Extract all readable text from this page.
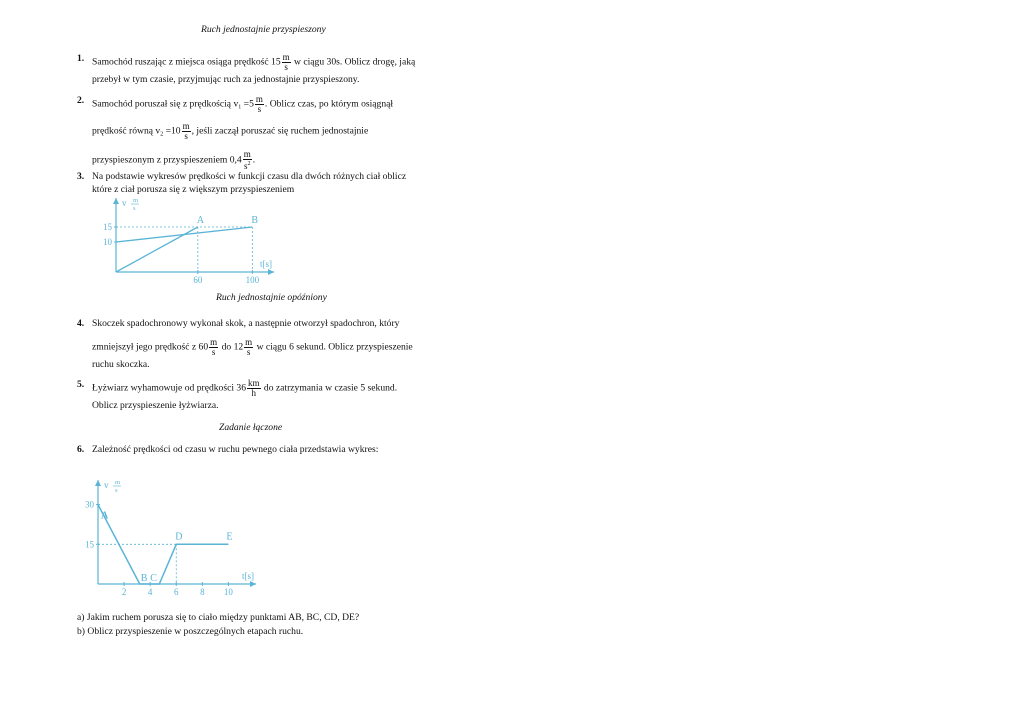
Ruch jednostajnie przyspieszony
1. Samochód ruszając z miejsca osiąga prędkość $15 \frac{m}{s}$ w ciągu 30s. Oblicz drogę, jaką
przebył w tym czasie, przyjmując ruch za jednostajnie przyspieszony.
2. Samochód poruszał się z prędkością $v_1 =5 \frac{m}{s}$ . Oblicz czas, po którym osiągnął
prędkość równą $v_2 =10 \frac{m}{s}$ , jeśli zaczął poruszać się ruchem jednostajnie
przyspieszonym z przyspieszeniem $0,4 \frac{m}{s^2}$ .
3. Na podstawie wykresów prędkości w funkcji czasu dla dwóch różnych ciał oblicz
które z ciał porusza się z większym przyspieszeniem
v m
s
t[s]
60	100
15
10
A	B
Ruch jednostajnie opóźniony
4. Skoczek spadochronowy wykonał skok, a następnie otworzył spadochron, który
zmniejszył jego prędkość z $60 \frac{m}{s}$ do $12 \frac{m}{s}$ w ciągu 6 sekund. Oblicz przyspieszenie
ruchu skoczka.
5. Łyżwiarz wyhamowuje od prędkości $36 \frac{km}{h}$ do zatrzymania w czasie 5 sekund.
Oblicz przyspieszenie łyżwiarza.
Zadanie łączone
6. Zależność prędkości od czasu w ruchu pewnego ciała przedstawia wykres:
v m
s
t[s]
2 4 6 8 10
30
15
A
B C
D	E
a) Jakim ruchem porusza się to ciało między punktami AB, BC, CD, DE?
b) Oblicz przyspieszenie w poszczególnych etapach ruchu.
